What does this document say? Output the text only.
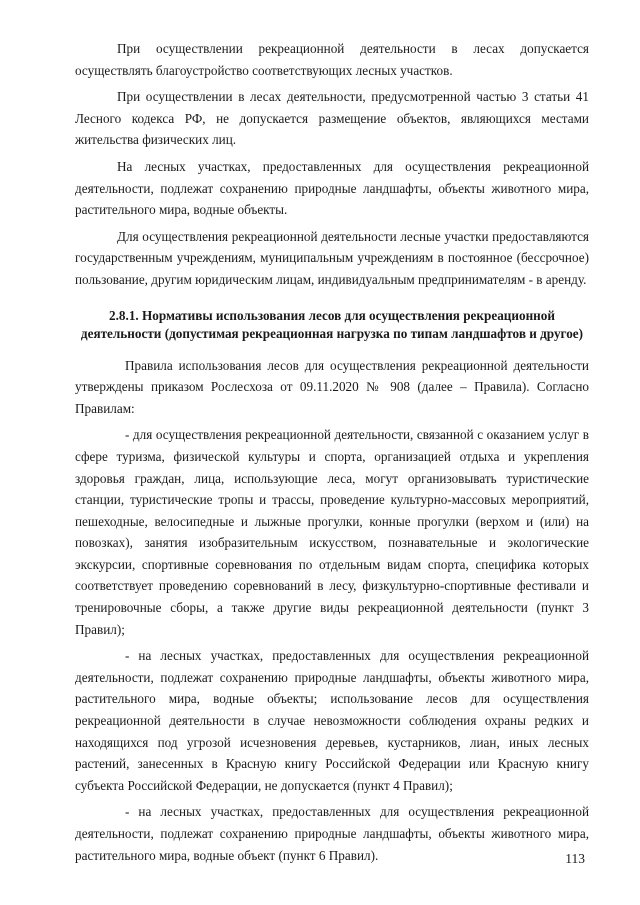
При осуществлении рекреационной деятельности в лесах допускается осуществлять благоустройство соответствующих лесных участков.

При осуществлении в лесах деятельности, предусмотренной частью 3 статьи 41 Лесного кодекса РФ, не допускается размещение объектов, являющихся местами жительства физических лиц.

На лесных участках, предоставленных для осуществления рекреационной деятельности, подлежат сохранению природные ландшафты, объекты животного мира, растительного мира, водные объекты.

Для осуществления рекреационной деятельности лесные участки предоставляются государственным учреждениям, муниципальным учреждениям в постоянное (бессрочное) пользование, другим юридическим лицам, индивидуальным предпринимателям - в аренду.

2.8.1. Нормативы использования лесов для осуществления рекреационной деятельности (допустимая рекреационная нагрузка по типам ландшафтов и другое)

Правила использования лесов для осуществления рекреационной деятельности утверждены приказом Рослесхоза от 09.11.2020 № 908 (далее – Правила). Согласно Правилам:

- для осуществления рекреационной деятельности, связанной с оказанием услуг в сфере туризма, физической культуры и спорта, организацией отдыха и укрепления здоровья граждан, лица, использующие леса, могут организовывать туристические станции, туристические тропы и трассы, проведение культурно-массовых мероприятий, пешеходные, велосипедные и лыжные прогулки, конные прогулки (верхом и (или) на повозках), занятия изобразительным искусством, познавательные и экологические экскурсии, спортивные соревнования по отдельным видам спорта, специфика которых соответствует проведению соревнований в лесу, физкультурно-спортивные фестивали и тренировочные сборы, а также другие виды рекреационной деятельности (пункт 3 Правил);

- на лесных участках, предоставленных для осуществления рекреационной деятельности, подлежат сохранению природные ландшафты, объекты животного мира, растительного мира, водные объекты; использование лесов для осуществления рекреационной деятельности в случае невозможности соблюдения охраны редких и находящихся под угрозой исчезновения деревьев, кустарников, лиан, иных лесных растений, занесенных в Красную книгу Российской Федерации или Красную книгу субъекта Российской Федерации, не допускается (пункт 4 Правил);

- на лесных участках, предоставленных для осуществления рекреационной деятельности, подлежат сохранению природные ландшафты, объекты животного мира, растительного мира, водные объект (пункт 6 Правил).	113
